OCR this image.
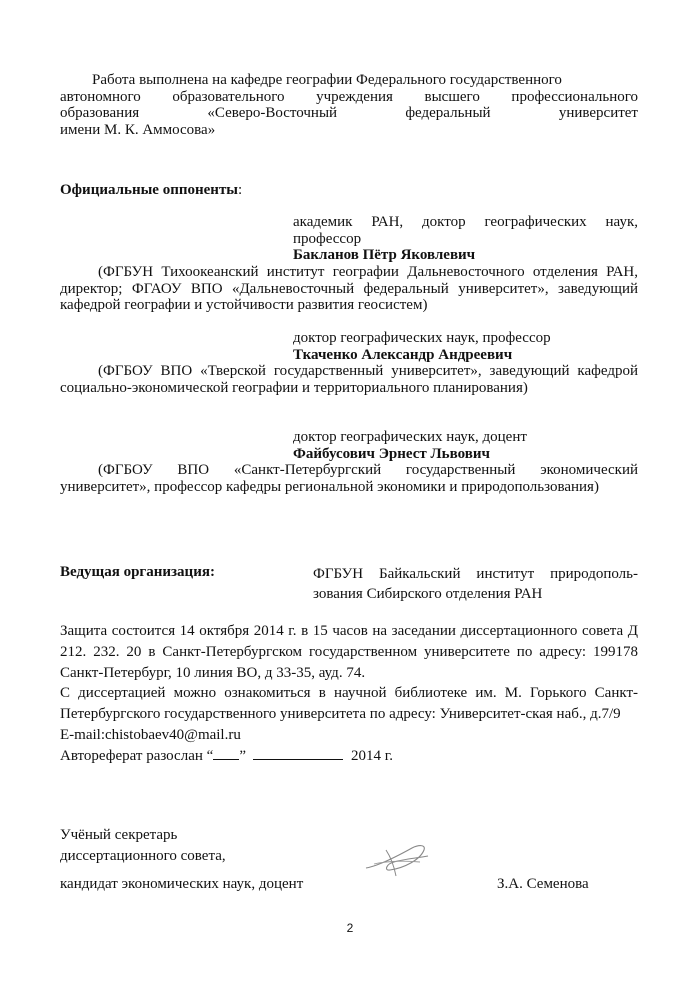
Работа выполнена на кафедре географии Федерального государственного
автономного образовательного учреждения высшего профессионального
образования «Северо-Восточный федеральный университет
имени М. К. Аммосова»
Официальные оппоненты:
академик РАН, доктор географических наук,
профессор
Бакланов Пётр Яковлевич
(ФГБУН Тихоокеанский институт географии Дальневосточного отделения РАН, директор; ФГАОУ ВПО «Дальневосточный федеральный университет», заведующий кафедрой географии и устойчивости развития геосистем)
доктор географических наук, профессор
Ткаченко Александр Андреевич
(ФГБОУ ВПО «Тверской государственный университет», заведующий кафедрой социально-экономической географии и территориального планирования)
доктор географических наук, доцент
Файбусович Эрнест Львович
(ФГБОУ ВПО «Санкт-Петербургский государственный экономический университет», профессор кафедры региональной экономики и природопользования)
Ведущая организация:	ФГБУН Байкальский институт природополь-
зования Сибирского отделения РАН
Защита состоится 14 октября 2014 г. в 15 часов на заседании диссертационного совета Д 212. 232. 20 в Санкт-Петербургском государственном университете по адресу: 199178 Санкт-Петербург, 10 линия ВО, д 33-35, ауд. 74.
С диссертацией можно ознакомиться в научной библиотеке им. М. Горького Санкт-Петербургского государственного университета по адресу: Университет-ская наб., д.7/9
E-mail:chistobaev40@mail.ru
Автореферат разослан “ ”	2014 г.
Учёный секретарь
диссертационного совета,
кандидат экономических наук, доцент	З.А. Семенова
2
